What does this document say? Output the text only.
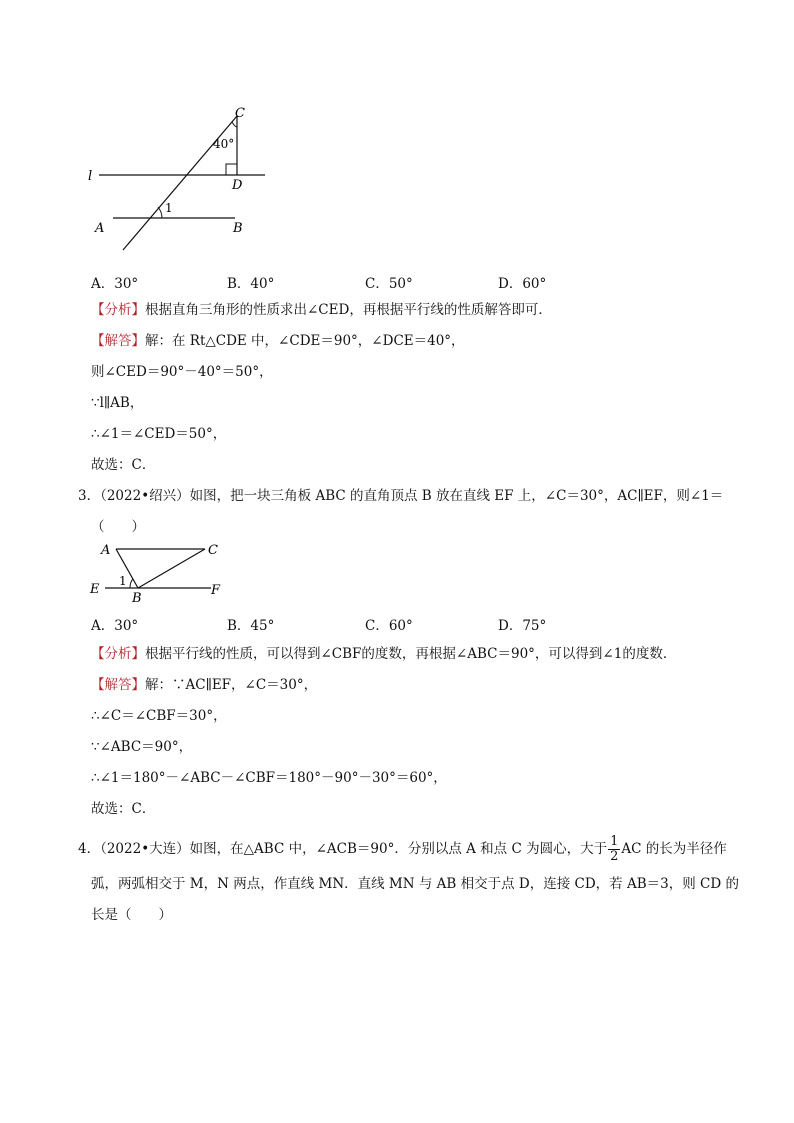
C
40°
l
D
1
A	B
A．30°	B．40°	C．50°	D．60°
【分析】根据直角三角形的性质求出∠CED，再根据平行线的性质解答即可．
【解答】解：在 Rt△CDE 中，∠CDE＝90°，∠DCE＝40°，
则∠CED＝90°－40°＝50°，
∵l∥AB，
∴∠1＝∠CED＝50°，
故选：C．
3．（2022•绍兴）如图，把一块三角板 ABC 的直角顶点 B 放在直线 EF 上，∠C＝30°，AC∥EF，则∠1＝
（　　）
A	C
E
1
B
F
A．30°	B．45°	C．60°	D．75°
【分析】根据平行线的性质，可以得到∠CBF的度数，再根据∠ABC＝90°，可以得到∠1的度数．
【解答】解：∵AC∥EF，∠C＝30°，
∴∠C＝∠CBF＝30°，
∵∠ABC＝90°，
∴∠1＝180°－∠ABC－∠CBF＝180°－90°－30°＝60°，
故选：C．
4．（2022•大连）如图，在△ABC 中，∠ACB＝90°．分别以点 A 和点 C 为圆心，大于 $\frac{1}{2}$ AC 的长为半径作
弧，两弧相交于 M，N 两点，作直线 MN．直线 MN 与 AB 相交于点 D，连接 CD，若 AB＝3，则 CD 的
长是（　　）
